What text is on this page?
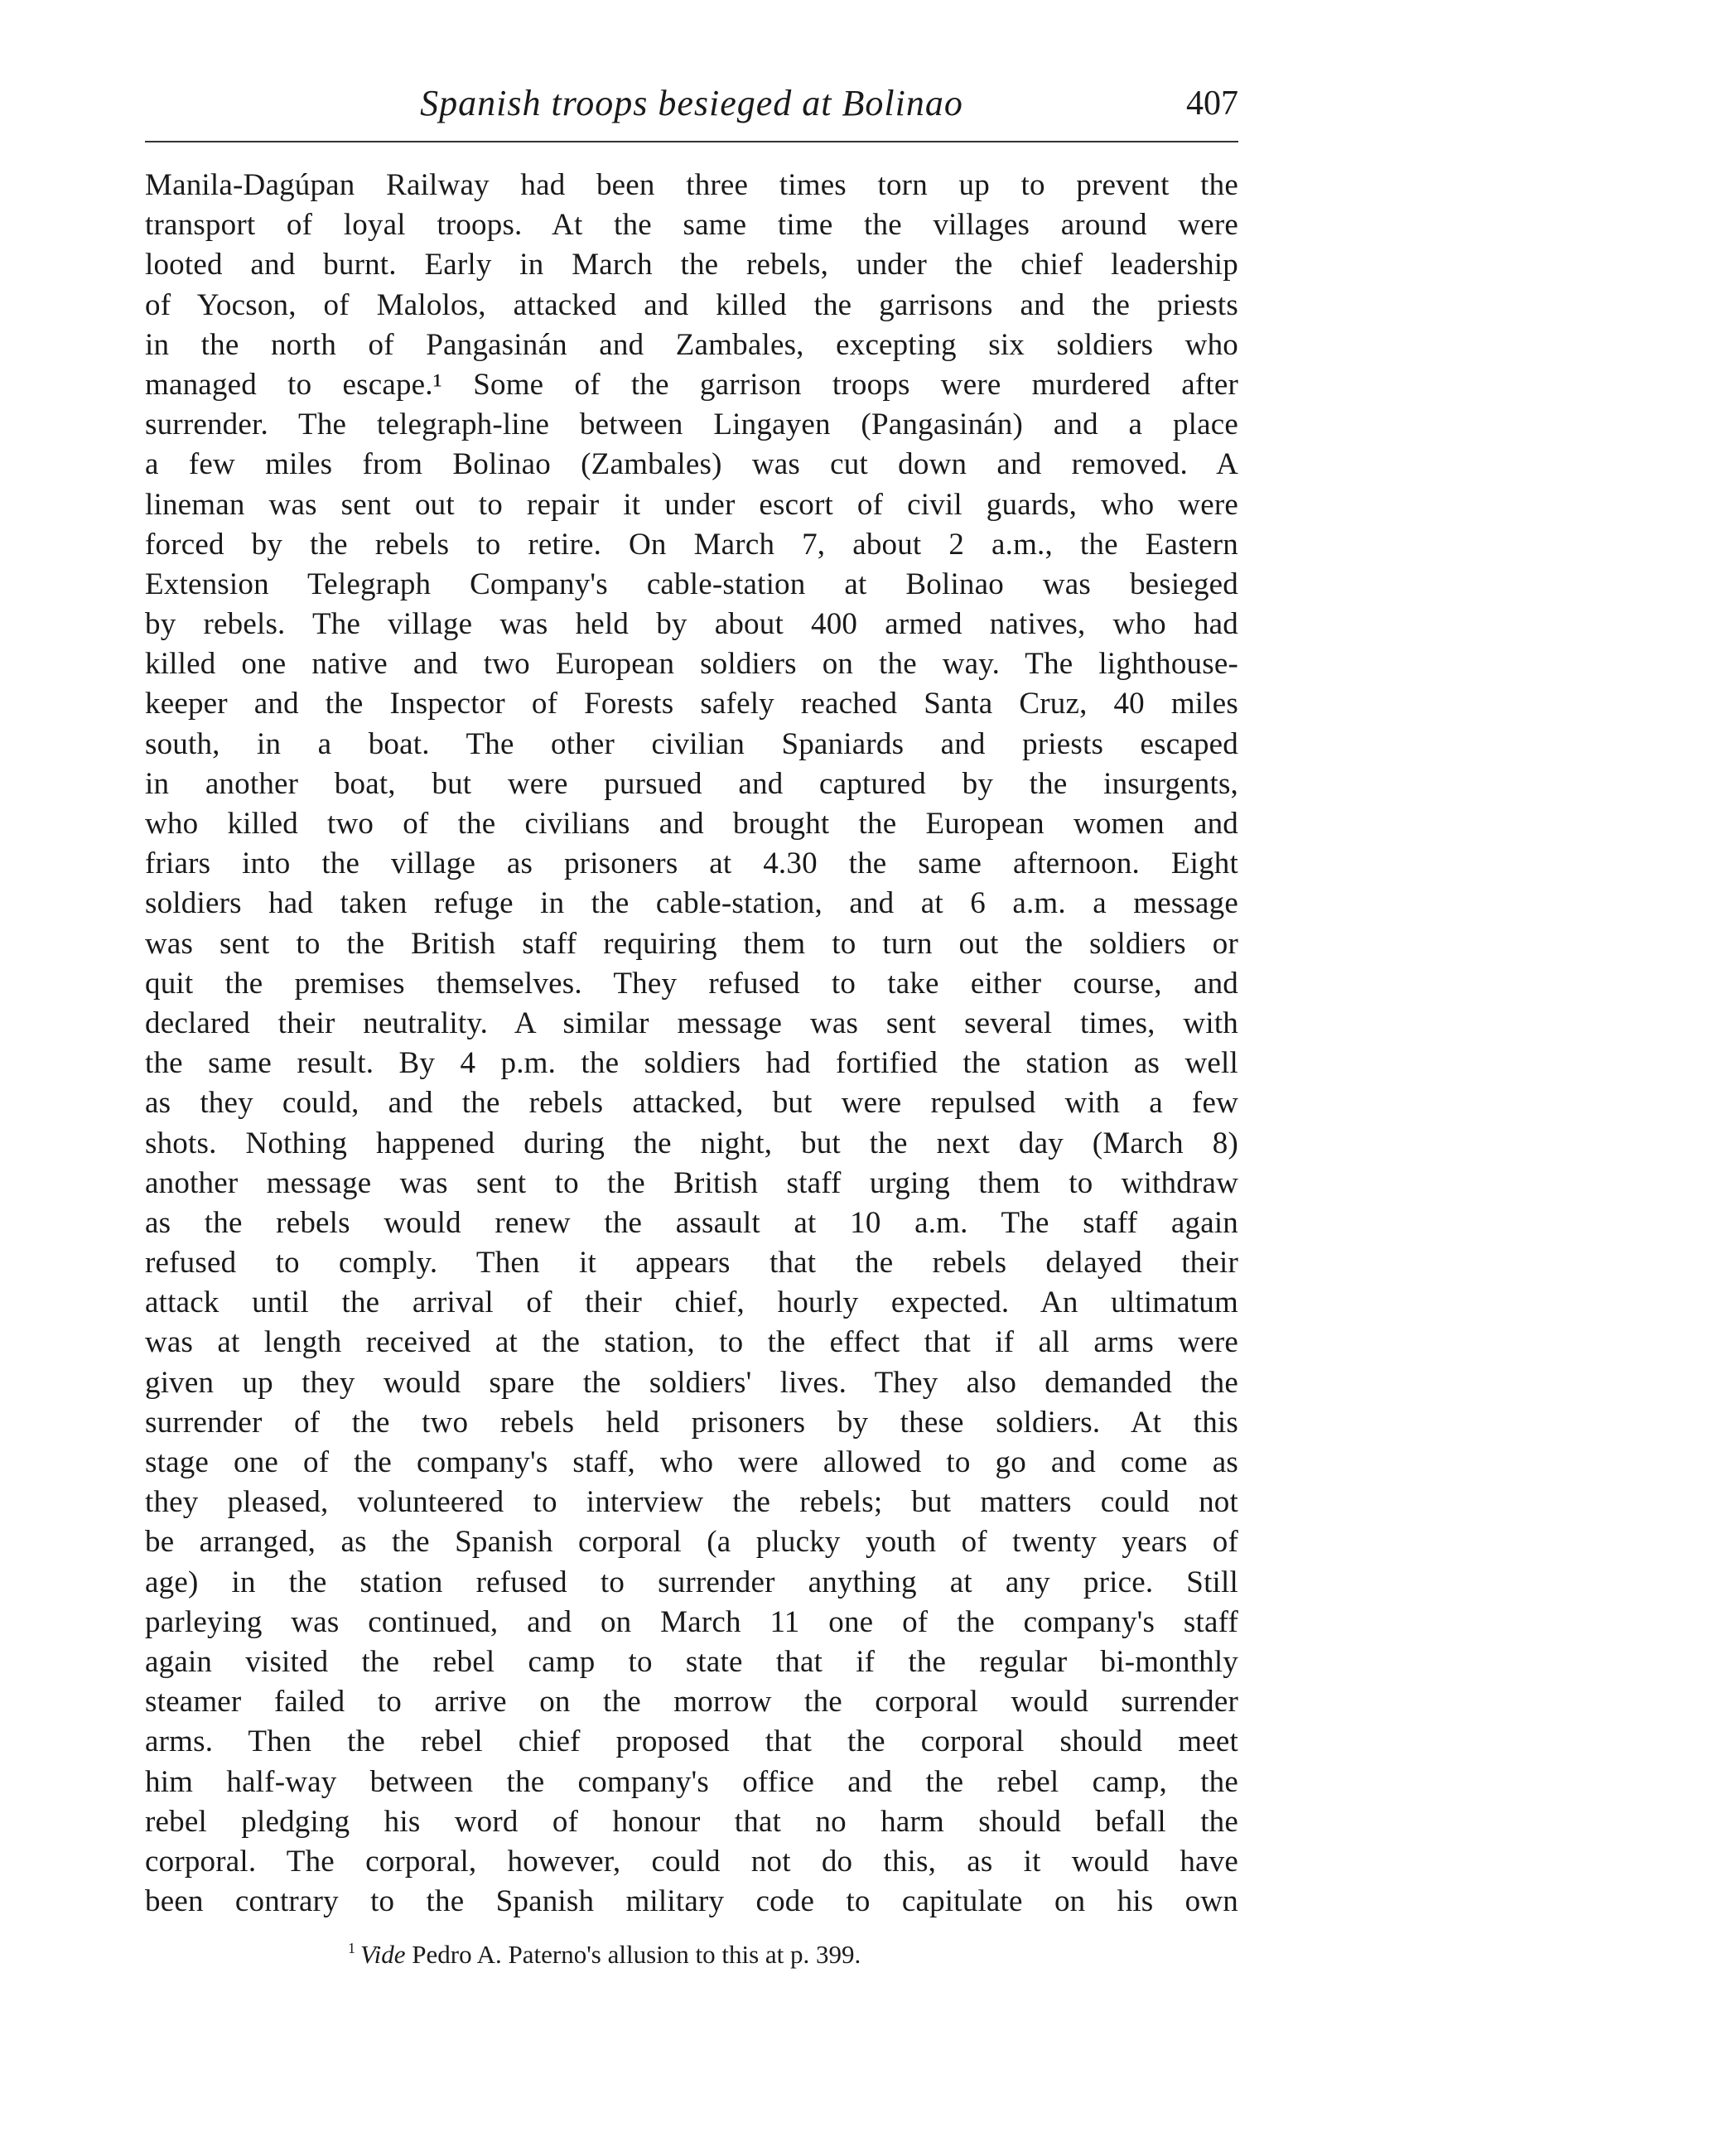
Spanish troops besieged at Bolinao	407
Manila-Dagúpan Railway had been three times torn up to prevent the
transport of loyal troops. At the same time the villages around were
looted and burnt. Early in March the rebels, under the chief leadership
of Yocson, of Malolos, attacked and killed the garrisons and the priests
in the north of Pangasinán and Zambales, excepting six soldiers who
managed to escape.¹ Some of the garrison troops were murdered after
surrender. The telegraph-line between Lingayen (Pangasinán) and a place
a few miles from Bolinao (Zambales) was cut down and removed. A
lineman was sent out to repair it under escort of civil guards, who were
forced by the rebels to retire. On March 7, about 2 a.m., the Eastern
Extension Telegraph Company's cable-station at Bolinao was besieged
by rebels. The village was held by about 400 armed natives, who had
killed one native and two European soldiers on the way. The lighthouse-
keeper and the Inspector of Forests safely reached Santa Cruz, 40 miles
south, in a boat. The other civilian Spaniards and priests escaped
in another boat, but were pursued and captured by the insurgents,
who killed two of the civilians and brought the European women and
friars into the village as prisoners at 4.30 the same afternoon. Eight
soldiers had taken refuge in the cable-station, and at 6 a.m. a message
was sent to the British staff requiring them to turn out the soldiers or
quit the premises themselves. They refused to take either course, and
declared their neutrality. A similar message was sent several times, with
the same result. By 4 p.m. the soldiers had fortified the station as well
as they could, and the rebels attacked, but were repulsed with a few
shots. Nothing happened during the night, but the next day (March 8)
another message was sent to the British staff urging them to withdraw
as the rebels would renew the assault at 10 a.m. The staff again
refused to comply. Then it appears that the rebels delayed their
attack until the arrival of their chief, hourly expected. An ultimatum
was at length received at the station, to the effect that if all arms were
given up they would spare the soldiers' lives. They also demanded the
surrender of the two rebels held prisoners by these soldiers. At this
stage one of the company's staff, who were allowed to go and come as
they pleased, volunteered to interview the rebels; but matters could not
be arranged, as the Spanish corporal (a plucky youth of twenty years of
age) in the station refused to surrender anything at any price. Still
parleying was continued, and on March 11 one of the company's staff
again visited the rebel camp to state that if the regular bi-monthly
steamer failed to arrive on the morrow the corporal would surrender
arms. Then the rebel chief proposed that the corporal should meet
him half-way between the company's office and the rebel camp, the
rebel pledging his word of honour that no harm should befall the
corporal. The corporal, however, could not do this, as it would have
been contrary to the Spanish military code to capitulate on his own
$^1$ Vide Pedro A. Paterno's allusion to this at p. 399.
